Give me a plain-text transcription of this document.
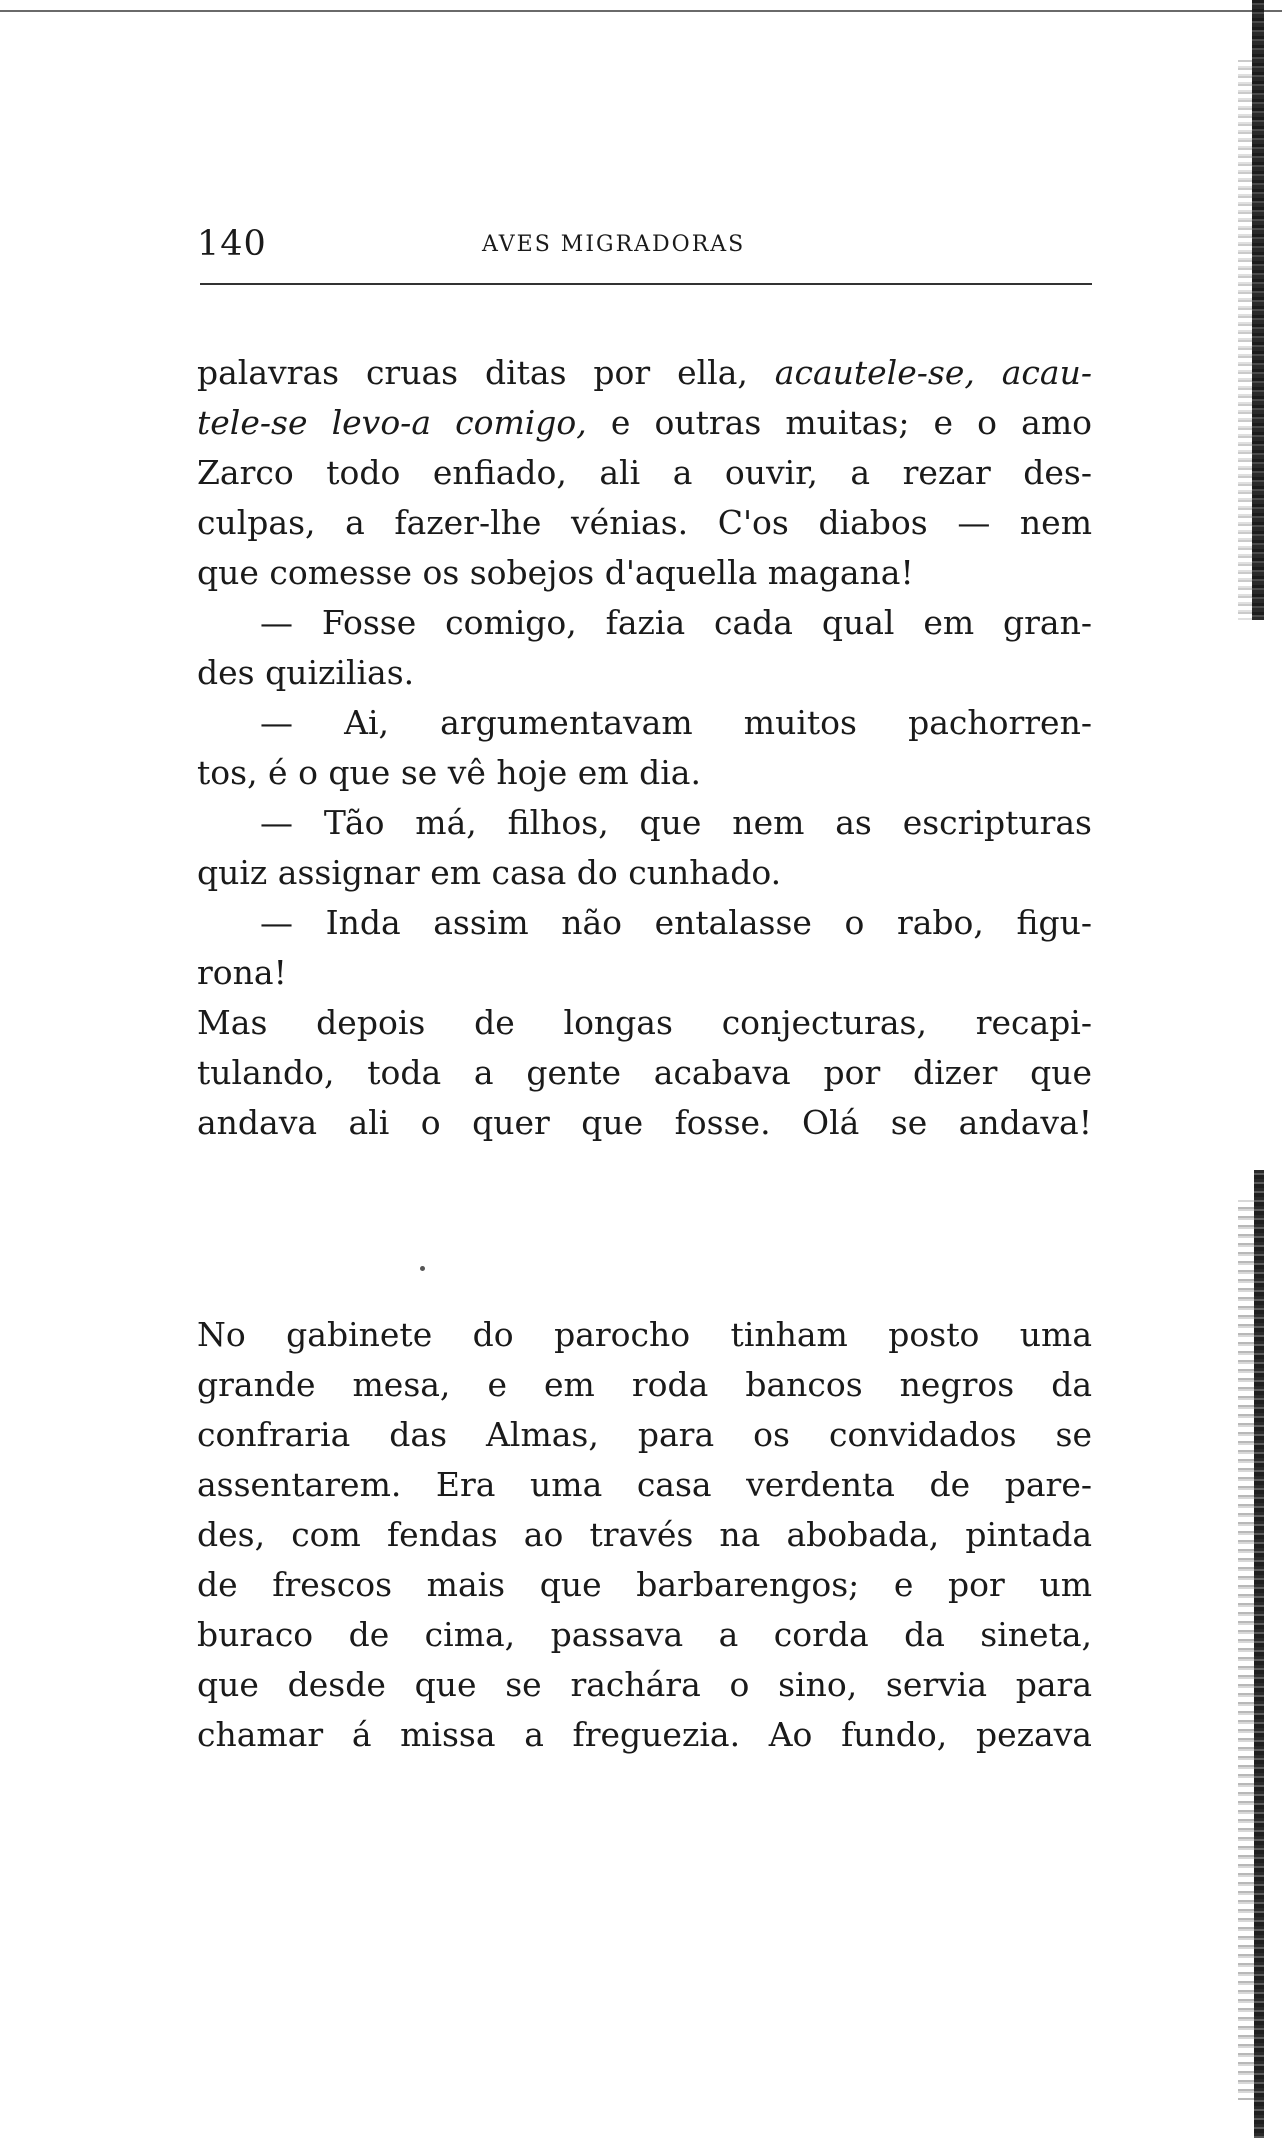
140	AVES MIGRADORAS
palavras cruas ditas por ella, acautele-se, acau-
tele-se levo-a comigo, e outras muitas; e o amo
Zarco todo enfiado, ali a ouvir, a rezar des-
culpas, a fazer-lhe vénias. C'os diabos — nem
que comesse os sobejos d'aquella magana!
— Fosse comigo, fazia cada qual em gran-
des quizilias.
— Ai, argumentavam muitos pachorren-
tos, é o que se vê hoje em dia.
— Tão má, filhos, que nem as escripturas
quiz assignar em casa do cunhado.
— Inda assim não entalasse o rabo, figu-
rona!
Mas depois de longas conjecturas, recapi-
tulando, toda a gente acabava por dizer que
andava ali o quer que fosse. Olá se andava!
No gabinete do parocho tinham posto uma
grande mesa, e em roda bancos negros da
confraria das Almas, para os convidados se
assentarem. Era uma casa verdenta de pare-
des, com fendas ao través na abobada, pintada
de frescos mais que barbarengos; e por um
buraco de cima, passava a corda da sineta,
que desde que se rachára o sino, servia para
chamar á missa a freguezia. Ao fundo, pezava
